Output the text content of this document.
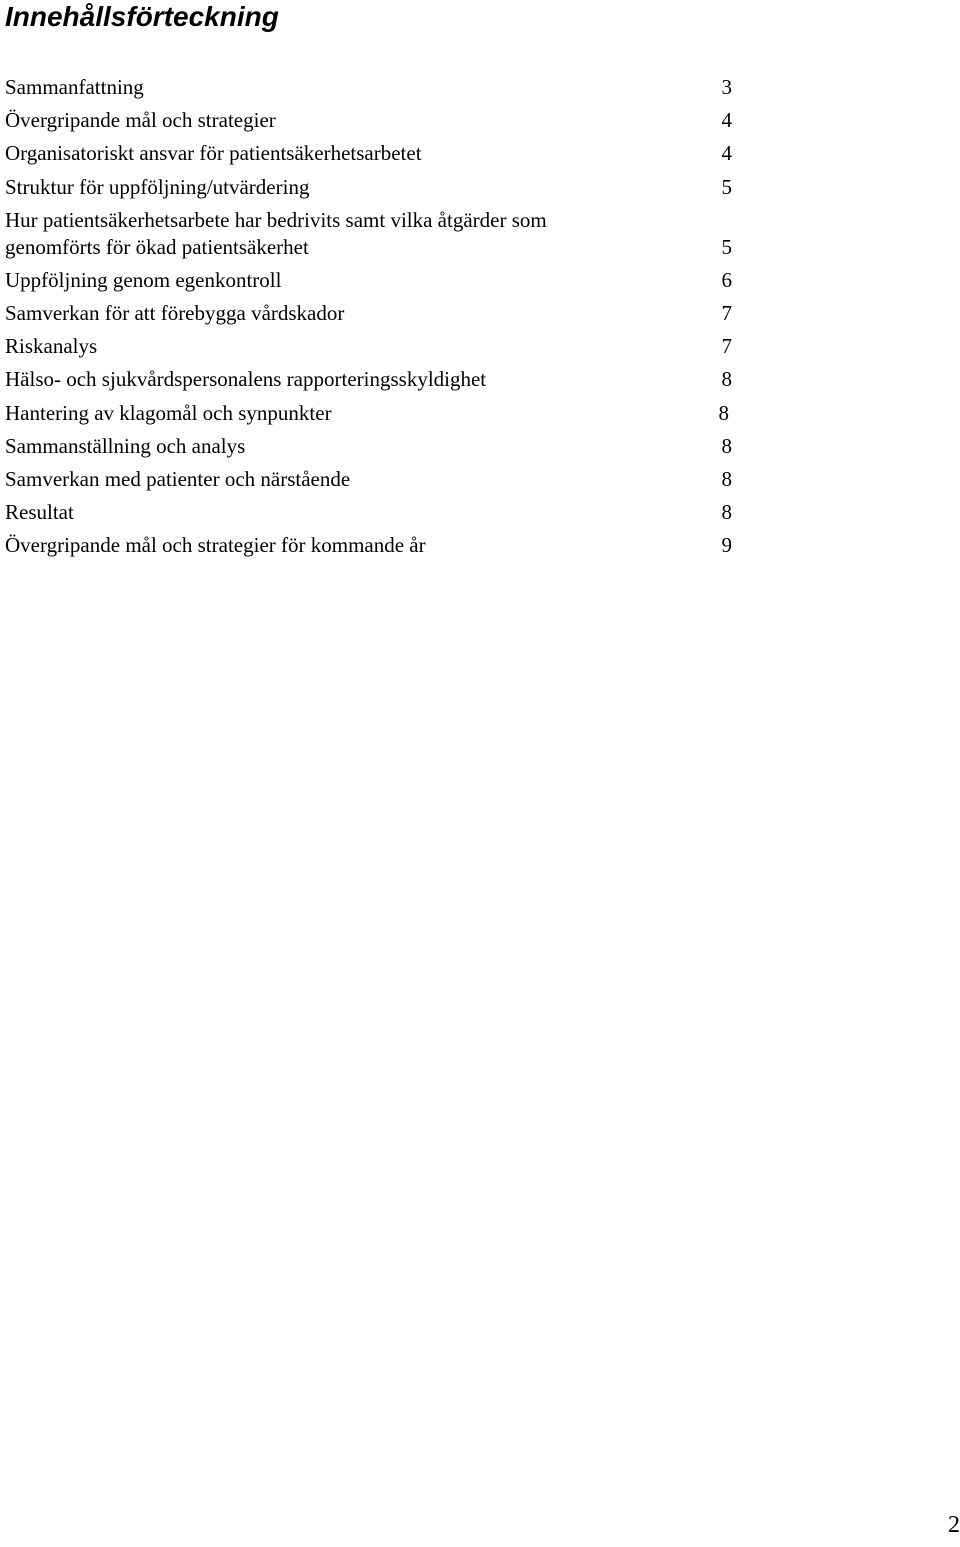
Innehållsförteckning
Sammanfattning	3
Övergripande mål och strategier	4
Organisatoriskt ansvar för patientsäkerhetsarbetet	4
Struktur för uppföljning/utvärdering	5
Hur patientsäkerhetsarbete har bedrivits samt vilka åtgärder som genomförts för ökad patientsäkerhet	5
Uppföljning genom egenkontroll	6
Samverkan för att förebygga vårdskador	7
Riskanalys	7
Hälso- och sjukvårdspersonalens rapporteringsskyldighet	8
Hantering av klagomål och synpunkter	8
Sammanställning och analys	8
Samverkan med patienter och närstående	8
Resultat	8
Övergripande mål och strategier för kommande år	9
2
